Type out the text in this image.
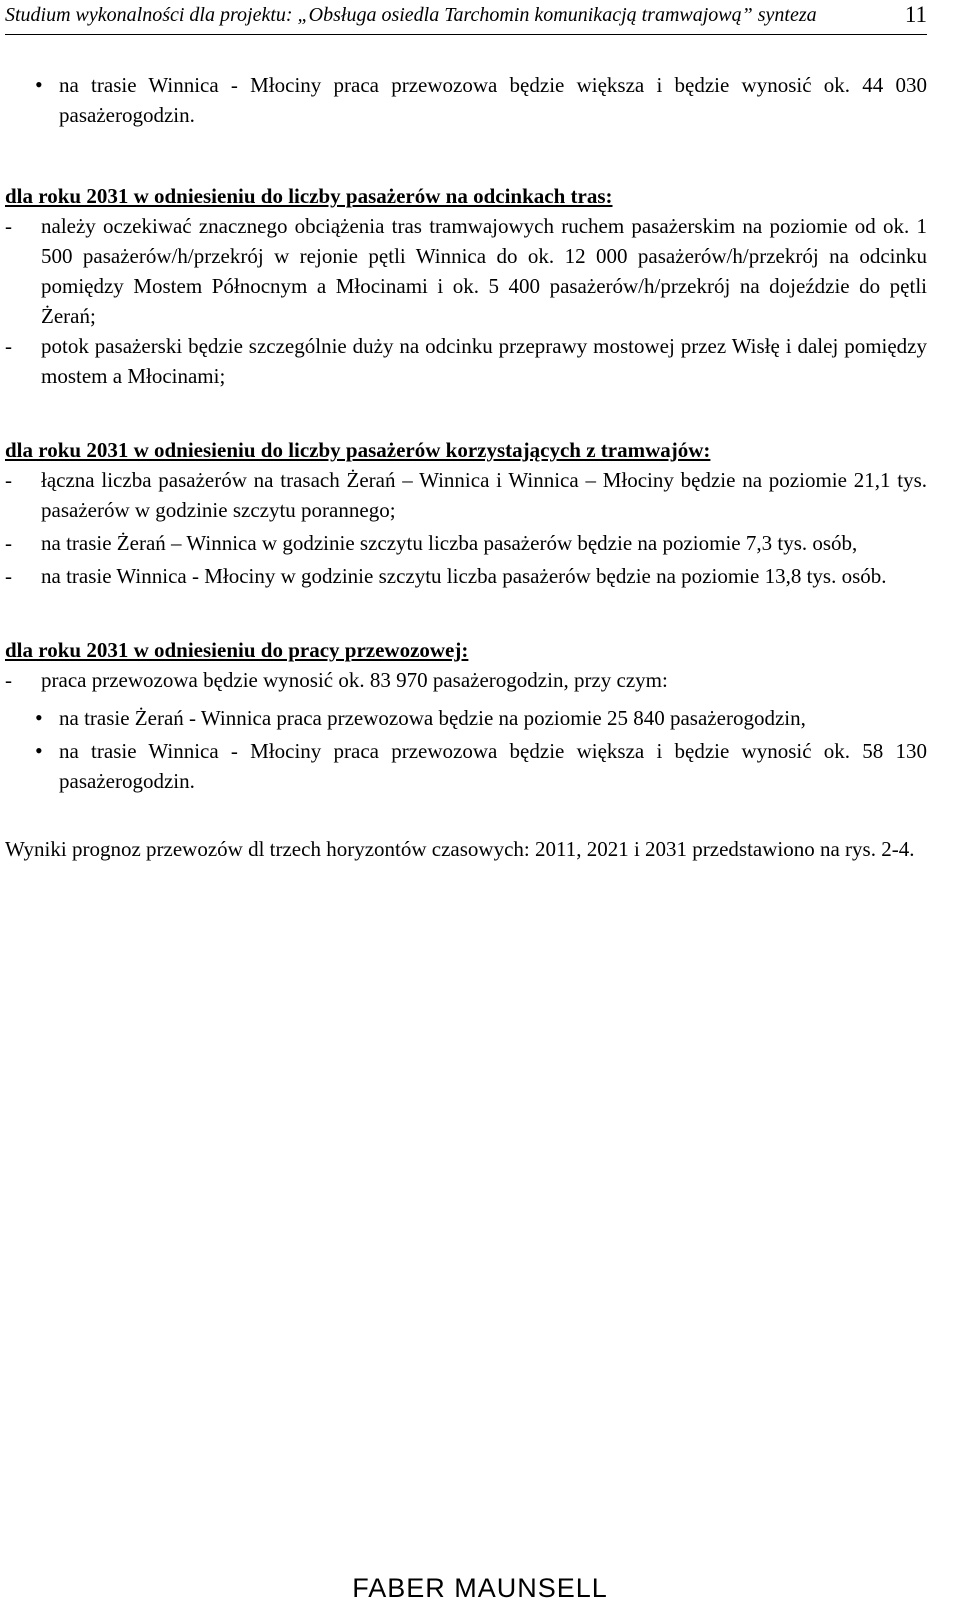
Studium wykonalności dla projektu: „Obsługa osiedla Tarchomin komunikacją tramwajową” synteza	11

• na trasie Winnica - Młociny praca przewozowa będzie większa i będzie wynosić ok. 44 030 pasażerogodzin.

dla roku 2031 w odniesieniu do liczby pasażerów na odcinkach tras:

- należy oczekiwać znacznego obciążenia tras tramwajowych ruchem pasażerskim na poziomie od ok. 1 500 pasażerów/h/przekrój w rejonie pętli Winnica do ok. 12 000 pasażerów/h/przekrój na odcinku pomiędzy Mostem Północnym a Młocinami i ok. 5 400 pasażerów/h/przekrój na dojeździe do pętli Żerań;

- potok pasażerski będzie szczególnie duży na odcinku przeprawy mostowej przez Wisłę i dalej pomiędzy mostem a Młocinami;

dla roku 2031 w odniesieniu do liczby pasażerów korzystających z tramwajów:

- łączna liczba pasażerów na trasach Żerań – Winnica i Winnica – Młociny będzie na poziomie 21,1 tys. pasażerów w godzinie szczytu porannego;

- na trasie Żerań – Winnica w godzinie szczytu liczba pasażerów będzie na poziomie 7,3 tys. osób,

- na trasie Winnica - Młociny w godzinie szczytu liczba pasażerów będzie na poziomie 13,8 tys. osób.

dla roku 2031 w odniesieniu do pracy przewozowej:

- praca przewozowa będzie wynosić ok. 83 970 pasażerogodzin, przy czym:

• na trasie Żerań - Winnica praca przewozowa będzie na poziomie 25 840 pasażerogodzin,

• na trasie Winnica - Młociny praca przewozowa będzie większa i będzie wynosić ok. 58 130 pasażerogodzin.

Wyniki prognoz przewozów dl trzech horyzontów czasowych: 2011, 2021 i 2031 przedstawiono na rys. 2-4.

FABER MAUNSELL
